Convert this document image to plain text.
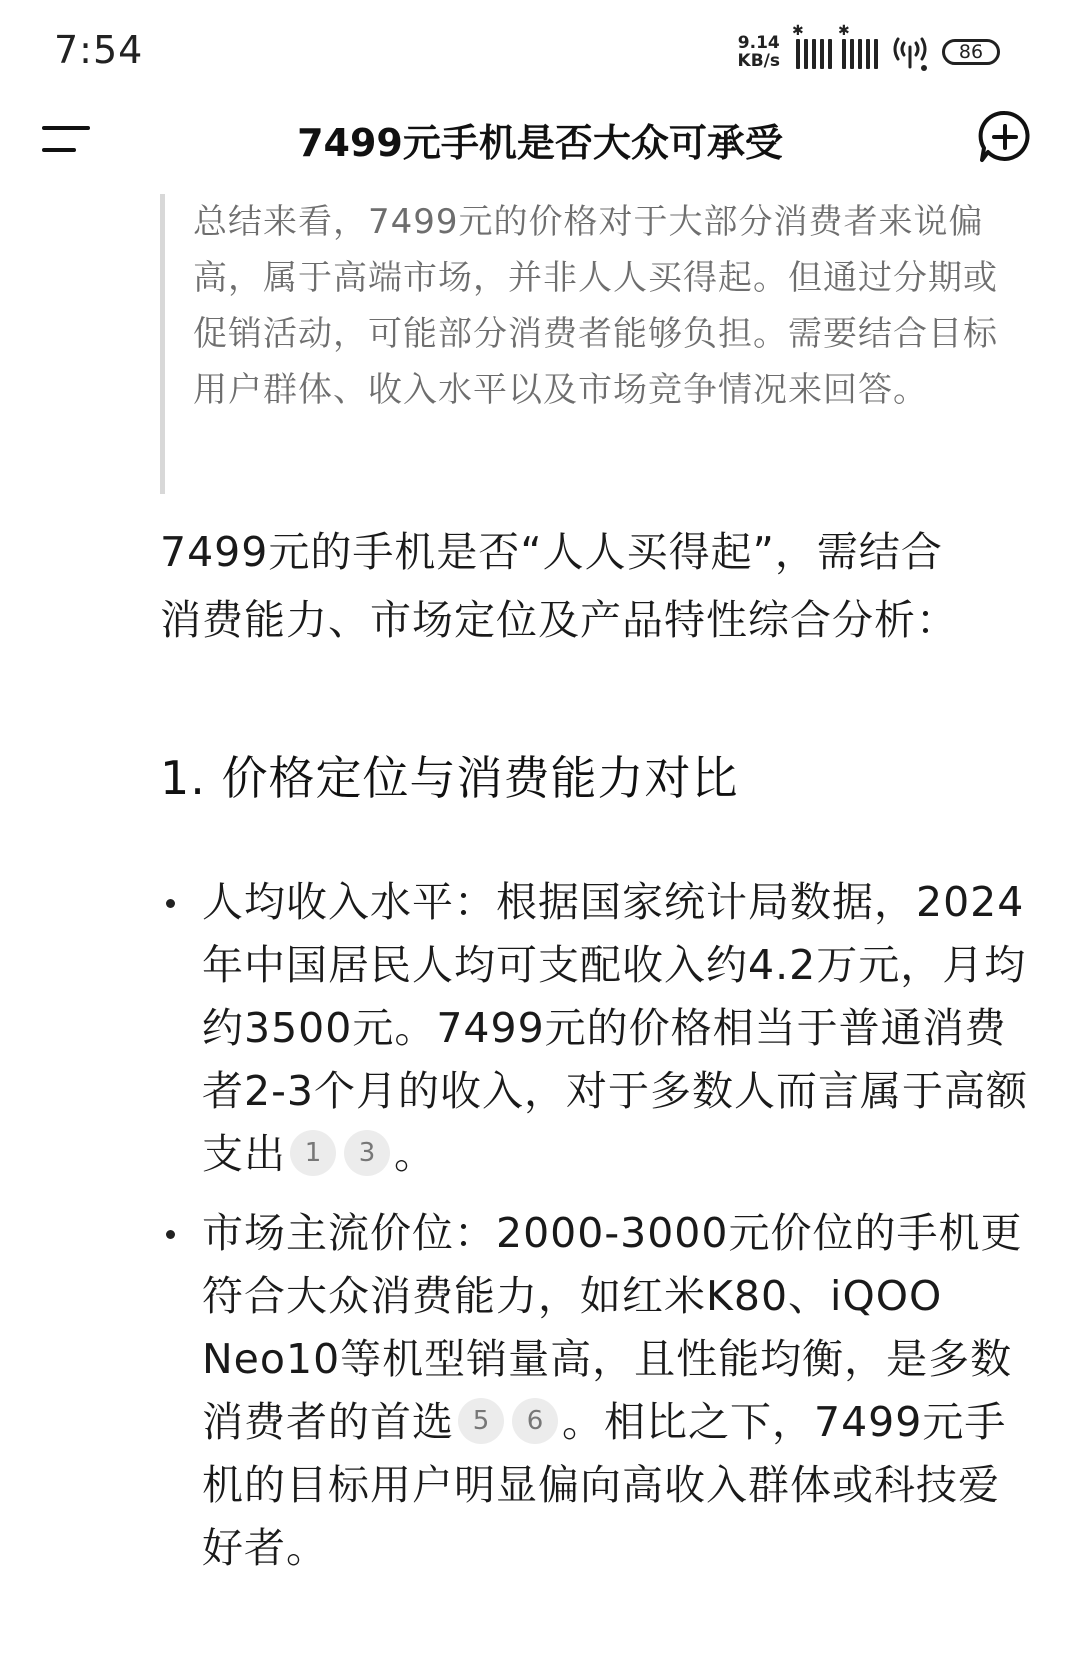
7:54	9.14
KB/s
✱ ✱
86
7499元手机是否大众可承受

总结来看，7499元的价格对于大部分消费者来说偏高，属于高端市场，并非人人买得起。但通过分期或促销活动，可能部分消费者能够负担。需要结合目标用户群体、收入水平以及市场竞争情况来回答。

7499元的手机是否“人人买得起”，需结合消费能力、市场定位及产品特性综合分析：

1. 价格定位与消费能力对比
人均收入水平：根据国家统计局数据，2024年中国居民人均可支配收入约4.2万元，月均约3500元。7499元的价格相当于普通消费者2-3个月的收入，对于多数人而言属于高额支出 1 3 。
市场主流价位：2000-3000元价位的手机更符合大众消费能力，如红米K80、iQOO Neo10等机型销量高，且性能均衡，是多数消费者的首选 5 6 。相比之下，7499元手机的目标用户明显偏向高收入群体或科技爱好者。
